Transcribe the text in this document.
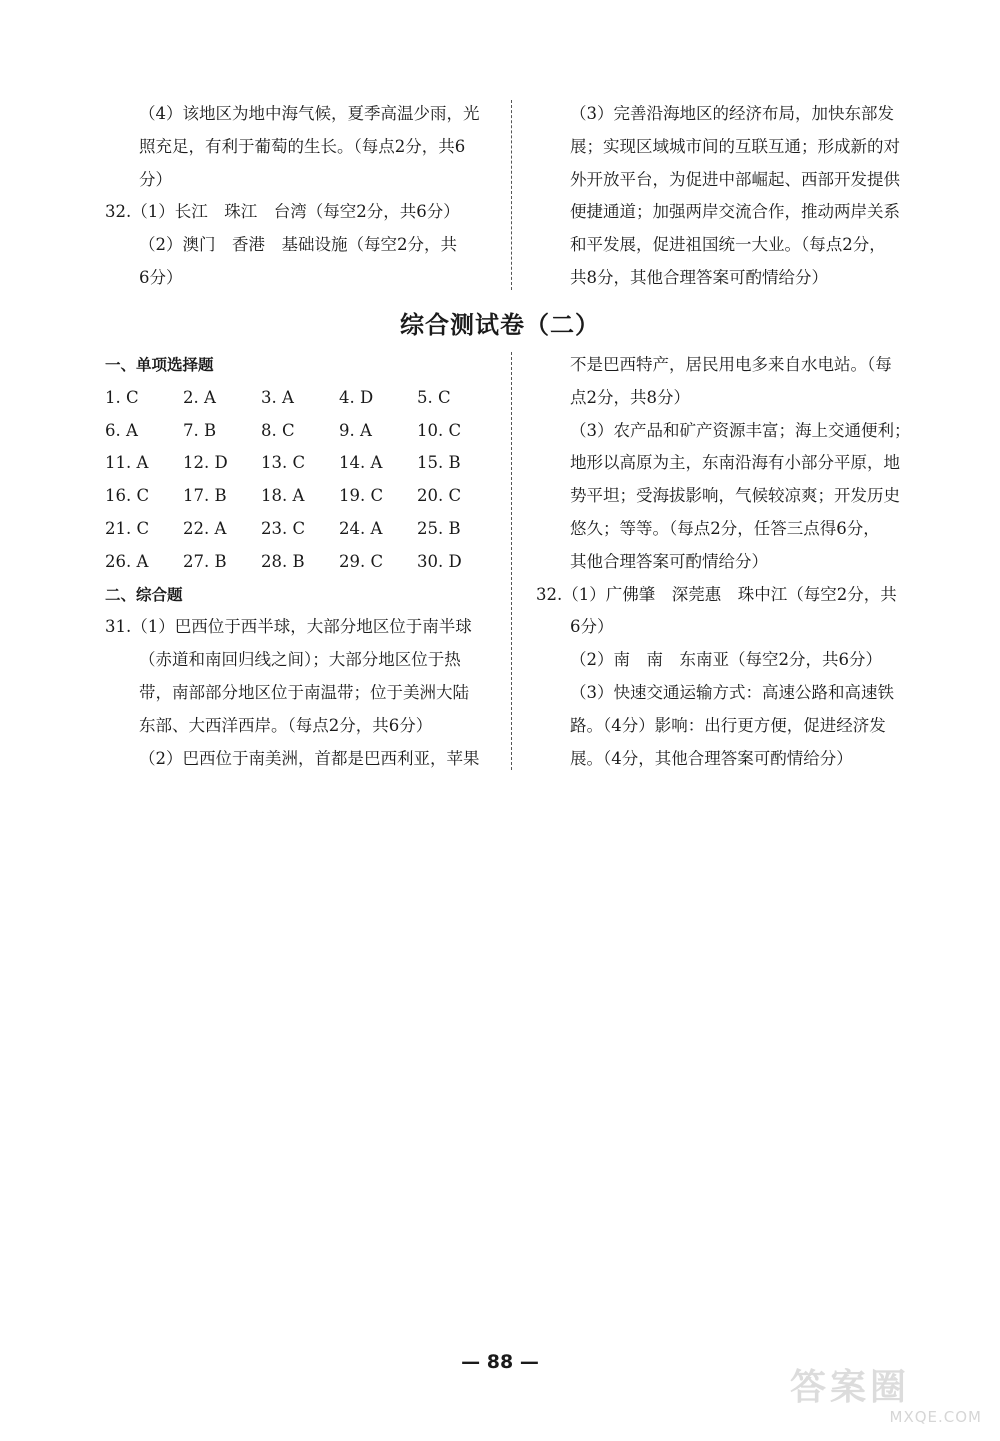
（4）该地区为地中海气候，夏季高温少雨，光

照充足，有利于葡萄的生长。（每点2分，共6

分）

32.（1）长江　珠江　台湾（每空2分，共6分）

（2）澳门　香港　基础设施（每空2分，共

6分）

（3）完善沿海地区的经济布局，加快东部发

展；实现区域城市间的互联互通；形成新的对

外开放平台，为促进中部崛起、西部开发提供

便捷通道；加强两岸交流合作，推动两岸关系

和平发展，促进祖国统一大业。（每点2分，

共8分，其他合理答案可酌情给分）

综合测试卷（二）

一、单项选择题

1. C	2. A	3. A	4. D	5. C
6. A	7. B	8. C	9. A	10. C
11. A	12. D	13. C	14. A	15. B
16. C	17. B	18. A	19. C	20. C
21. C	22. A	23. C	24. A	25. B
26. A	27. B	28. B	29. C	30. D

二、综合题

31.（1）巴西位于西半球，大部分地区位于南半球

（赤道和南回归线之间）；大部分地区位于热

带，南部部分地区位于南温带；位于美洲大陆

东部、大西洋西岸。（每点2分，共6分）

（2）巴西位于南美洲，首都是巴西利亚，苹果

不是巴西特产，居民用电多来自水电站。（每

点2分，共8分）

（3）农产品和矿产资源丰富；海上交通便利；

地形以高原为主，东南沿海有小部分平原，地

势平坦；受海拔影响，气候较凉爽；开发历史

悠久；等等。（每点2分，任答三点得6分，

其他合理答案可酌情给分）

32.（1）广佛肇　深莞惠　珠中江（每空2分，共

6分）

（2）南　南　东南亚（每空2分，共6分）

（3）快速交通运输方式：高速公路和高速铁

路。（4分）影响：出行更方便，促进经济发

展。（4分，其他合理答案可酌情给分）

— 88 —
答案圈
MXQE.COM
